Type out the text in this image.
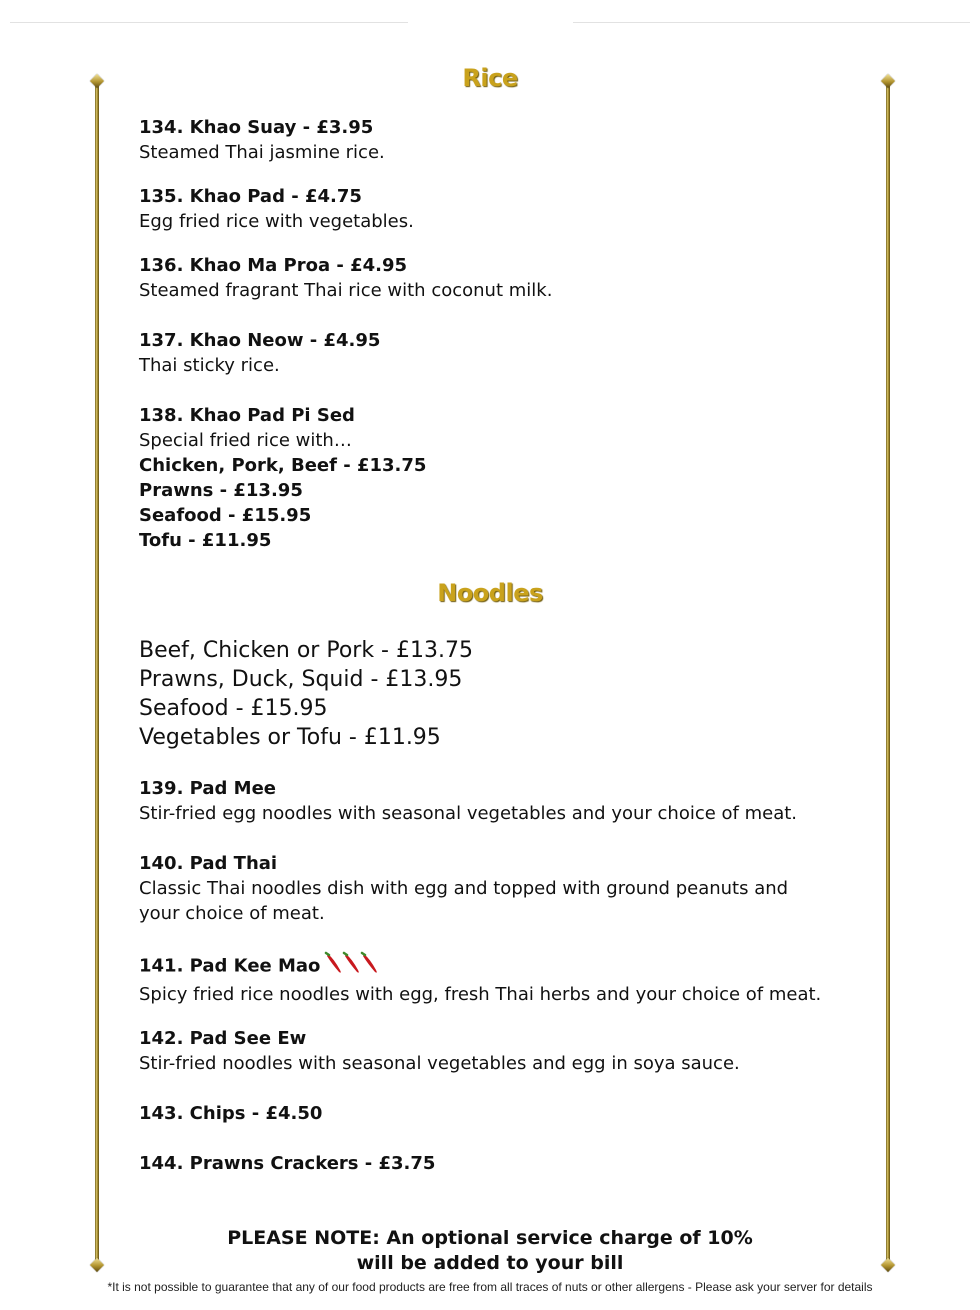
Rice
134. Khao Suay - £3.95
Steamed Thai jasmine rice.
135. Khao Pad - £4.75
Egg fried rice with vegetables.
136. Khao Ma Proa - £4.95
Steamed fragrant Thai rice with coconut milk.
137. Khao Neow - £4.95
Thai sticky rice.
138. Khao Pad Pi Sed
Special fried rice with…
Chicken, Pork, Beef - £13.75
Prawns - £13.95
Seafood - £15.95
Tofu - £11.95
Noodles
Beef, Chicken or Pork - £13.75
Prawns, Duck, Squid - £13.95
Seafood - £15.95
Vegetables or Tofu - £11.95
139. Pad Mee
Stir-fried egg noodles with seasonal vegetables and your choice of meat.
140. Pad Thai
Classic Thai noodles dish with egg and topped with ground peanuts and
your choice of meat.
141. Pad Kee Mao
Spicy fried rice noodles with egg, fresh Thai herbs and your choice of meat.
142. Pad See Ew
Stir-fried noodles with seasonal vegetables and egg in soya sauce.
143. Chips - £4.50
144. Prawns Crackers - £3.75
PLEASE NOTE: An optional service charge of 10%
will be added to your bill
*It is not possible to guarantee that any of our food products are free from all traces of nuts or other allergens - Please ask your server for details
